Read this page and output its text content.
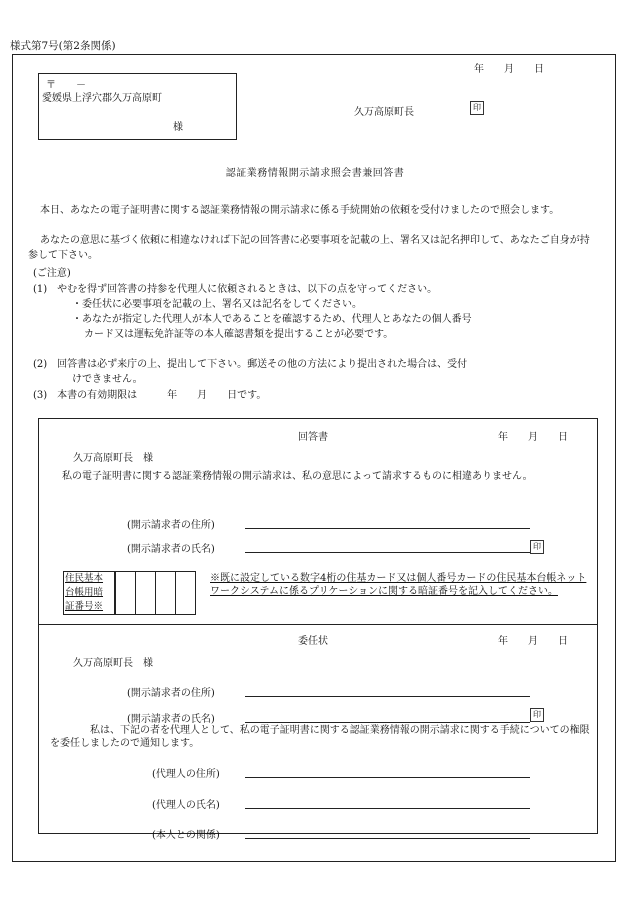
様式第7号(第2条関係)
年　　月　　日
〒　　－
愛媛県上浮穴郡久万高原町
様
久万高原町長	印
認証業務情報開示請求照会書兼回答書
本日、あなたの電子証明書に関する認証業務情報の開示請求に係る手続開始の依頼を受付けましたので照会します。
あなたの意思に基づく依頼に相違なければ下記の回答書に必要事項を記載の上、署名又は記名押印して、あなたご自身が持参して下さい。
(ご注意)
(1)　やむを得ず回答書の持参を代理人に依頼されるときは、以下の点を守ってください。
・委任状に必要事項を記載の上、署名又は記名をしてください。
・あなたが指定した代理人が本人であることを確認するため、代理人とあなたの個人番号
カード又は運転免許証等の本人確認書類を提出することが必要です。
(2)　回答書は必ず来庁の上、提出して下さい。郵送その他の方法により提出された場合は、受付
けできません。
(3)　本書の有効期限は　　　年　　月　　日です。
回答書	年　　月　　日
久万高原町長　様
私の電子証明書に関する認証業務情報の開示請求は、私の意思によって請求するものに相違ありません。
(開示請求者の住所)
(開示請求者の氏名)	印
住民基本
台帳用暗
証番号※
※既に設定している数字4桁の住基カード又は個人番号カードの住民基本台帳ネットワークシステムに係るプリケーションに関する暗証番号を記入してください。
委任状	年　　月　　日
久万高原町長　様
(開示請求者の住所)
(開示請求者の氏名)	印
私は、下記の者を代理人として、私の電子証明書に関する認証業務情報の開示請求に関する手続についての権限を委任しましたので通知します。
(代理人の住所)
(代理人の氏名)
(本人との関係)
